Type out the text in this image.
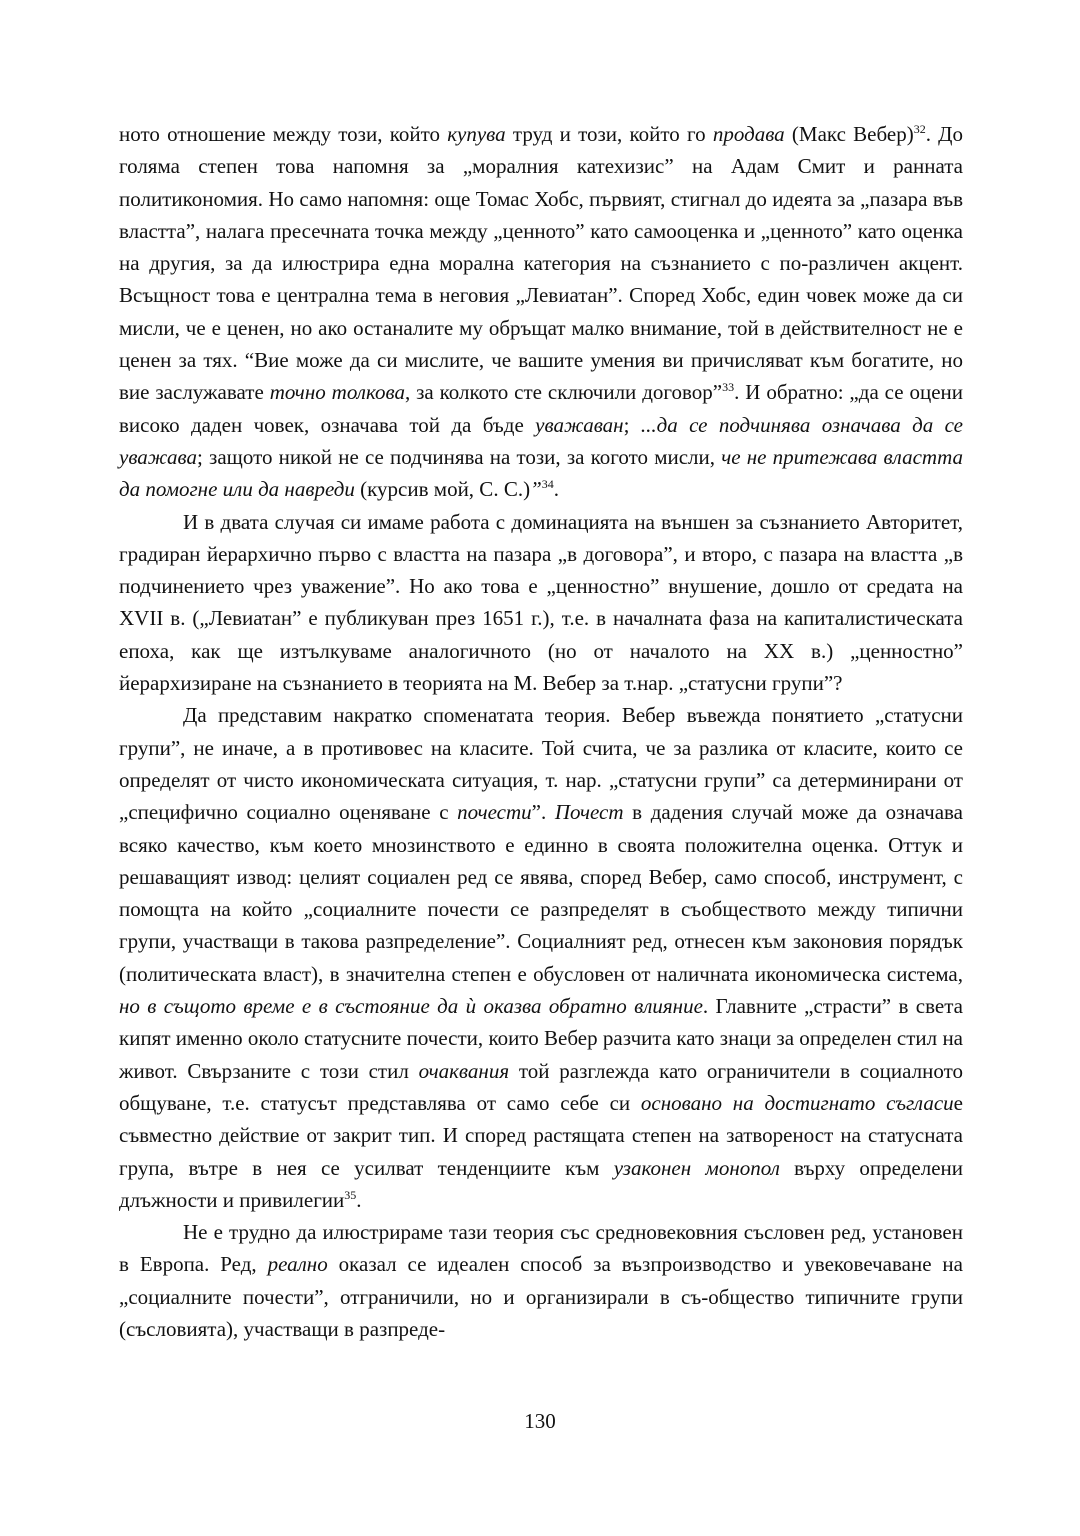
ното отношение между този, който купува труд и този, който го продава (Макс Вебер)$^{32}$. До голяма степен това напомня за „моралния катехизис” на Адам Смит и ранната политикономия. Но само напомня: още Томас Хобс, първият, стигнал до идеята за „пазара във властта”, налага пресечната точка между „ценното” като самооценка и „ценното” като оценка на другия, за да илюстрира една морална категория на съзнанието с по-различен акцент. Всъщност това е централна тема в неговия „Левиатан”. Според Хобс, един човек може да си мисли, че е ценен, но ако останалите му обръщат малко внимание, той в действителност не е ценен за тях. “Вие може да си мислите, че вашите умения ви причисляват към богатите, но вие заслужавате точно толкова, за колкото сте сключили договор”$^{33}$. И обратно: „да се оцени високо даден човек, означава той да бъде уважаван; ...да се подчинява означава да се уважава; защото никой не се подчинява на този, за когото мисли, че не притежава властта да помогне или да навреди (курсив мой, С. С.)”$^{34}$.

И в двата случая си имаме работа с доминацията на външен за съзнанието Авторитет, градиран йерархично първо с властта на пазара „в договора”, и второ, с пазара на властта „в подчинението чрез уважение”. Но ако това е „ценностно” внушение, дошло от средата на XVII в. („Левиатан” е публикуван през 1651 г.), т.е. в началната фаза на капиталистическата епоха, как ще изтълкуваме аналогичното (но от началото на XX в.) „ценностно” йерархизиране на съзнанието в теорията на М. Вебер за т.нар. „статусни групи”?

Да представим накратко споменатата теория. Вебер въвежда понятието „статусни групи”, не иначе, а в противовес на класите. Той счита, че за разлика от класите, които се определят от чисто икономическата ситуация, т. нар. „статусни групи” са детерминирани от „специфично социално оценяване с почести”. Почест в дадения случай може да означава всяко качество, към което мнозинството е единно в своята положителна оценка. Оттук и решаващият извод: целият социален ред се явява, според Вебер, само способ, инструмент, с помощта на който „социалните почести се разпределят в съобществото между типични групи, участващи в такова разпределение”. Социалният ред, отнесен към законовия порядък (политическата власт), в значителна степен е обусловен от наличната икономическа система, но в същото време е в състояние да ѝ оказва обратно влияние. Главните „страсти” в света кипят именно около статусните почести, които Вебер разчита като знаци за определен стил на живот. Свързаните с този стил очаквания той разглежда като ограничители в социалното общуване, т.е. статусът представлява от само себе си основано на достигнато съгласие съвместно действие от закрит тип. И според растящата степен на затвореност на статусната група, вътре в нея се усилват тенденциите към узаконен монопол върху определени длъжности и привилегии$^{35}$.

Не е трудно да илюстрираме тази теория със средновековния съсловен ред, установен в Европа. Ред, реално оказал се идеален способ за възпроизводство и увековечаване на „социалните почести”, отграничили, но и организирали в съ-общество типичните групи (съсловията), участващи в разпреде-

130
